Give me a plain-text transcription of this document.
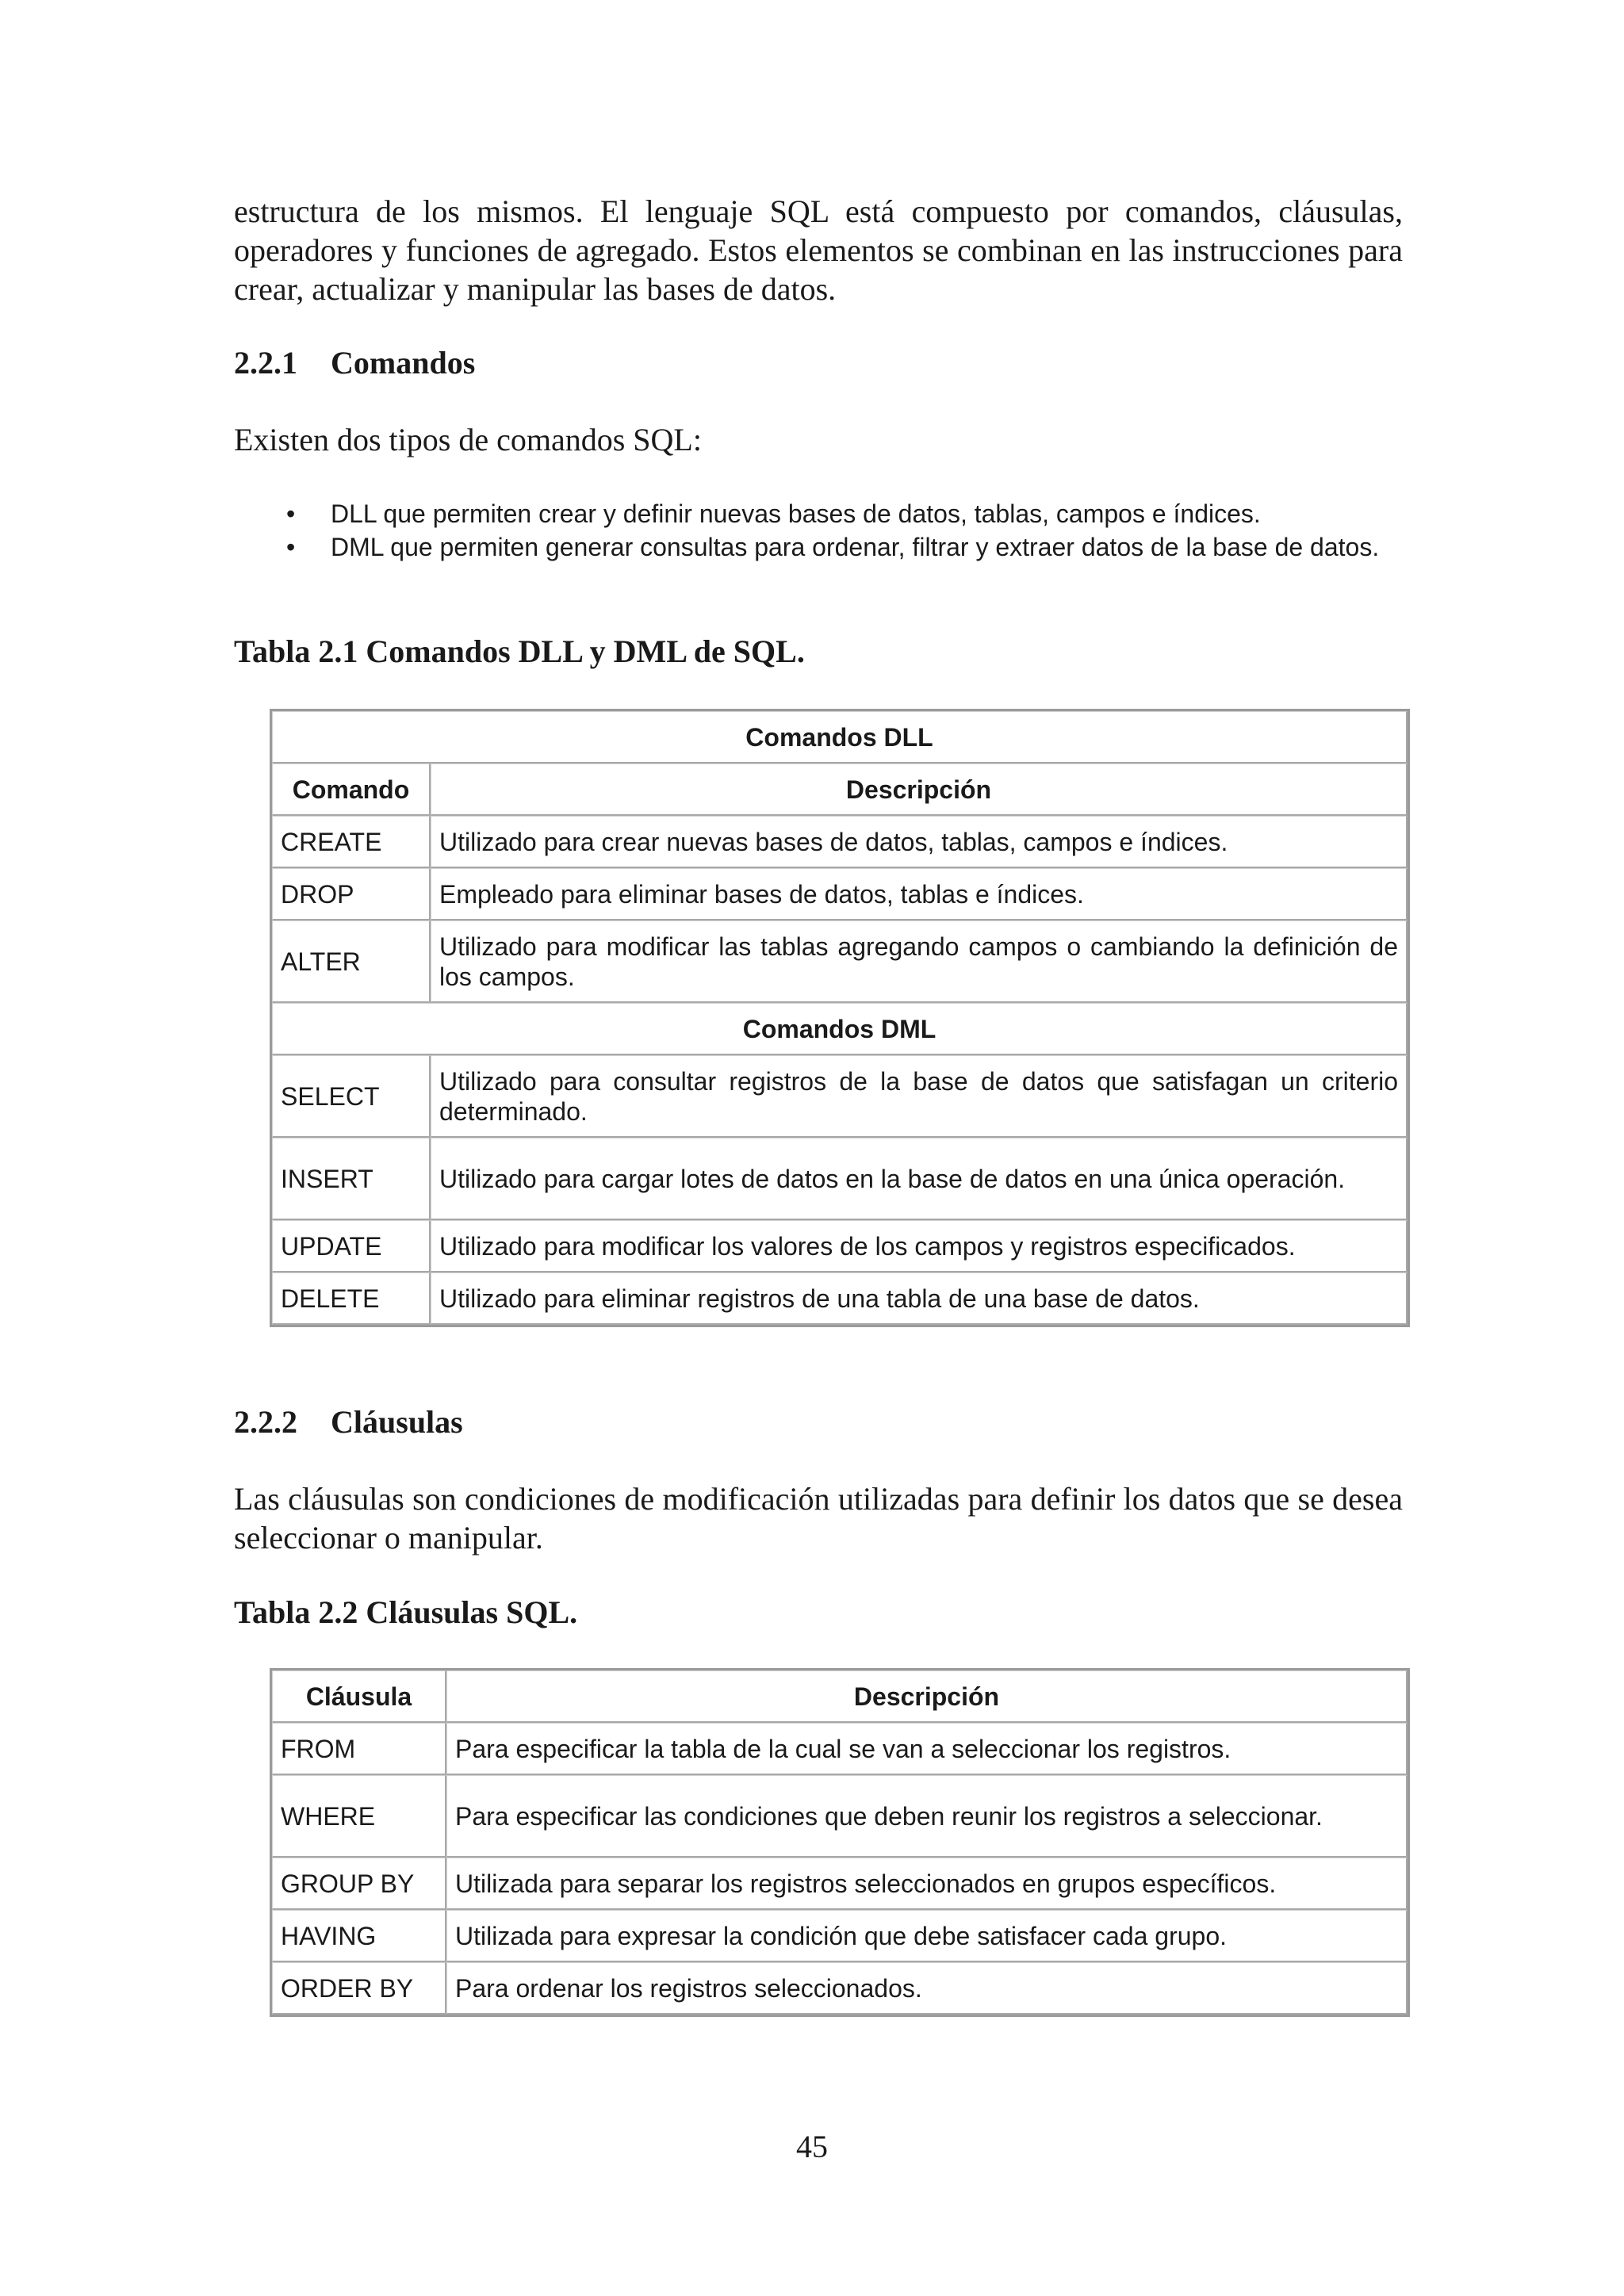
estructura de los mismos. El lenguaje SQL está compuesto por comandos, cláusulas, operadores y funciones de agregado. Estos elementos se combinan en las instrucciones para crear, actualizar y manipular las bases de datos.

2.2.1 Comandos

Existen dos tipos de comandos SQL:

• DLL que permiten crear y definir nuevas bases de datos, tablas, campos e índices.
• DML que permiten generar consultas para ordenar, filtrar y extraer datos de la base de datos.

Tabla 2.1 Comandos DLL y DML de SQL.

Comandos DLL	
Comando	Descripción
CREATE	Utilizado para crear nuevas bases de datos, tablas, campos e índices.
DROP	Empleado para eliminar bases de datos, tablas e índices.
ALTER	Utilizado para modificar las tablas agregando campos o cambiando la definición de los campos.
Comandos DML	
SELECT	Utilizado para consultar registros de la base de datos que satisfagan un criterio determinado.
INSERT	Utilizado para cargar lotes de datos en la base de datos en una única operación.
UPDATE	Utilizado para modificar los valores de los campos y registros especificados.
DELETE	Utilizado para eliminar registros de una tabla de una base de datos.
2.2.2 Cláusulas

Las cláusulas son condiciones de modificación utilizadas para definir los datos que se desea seleccionar o manipular.

Tabla 2.2 Cláusulas SQL.

Cláusula	Descripción
FROM	Para especificar la tabla de la cual se van a seleccionar los registros.
WHERE	Para especificar las condiciones que deben reunir los registros a seleccionar.
GROUP BY	Utilizada para separar los registros seleccionados en grupos específicos.
HAVING	Utilizada para expresar la condición que debe satisfacer cada grupo.
ORDER BY	Para ordenar los registros seleccionados.
45
